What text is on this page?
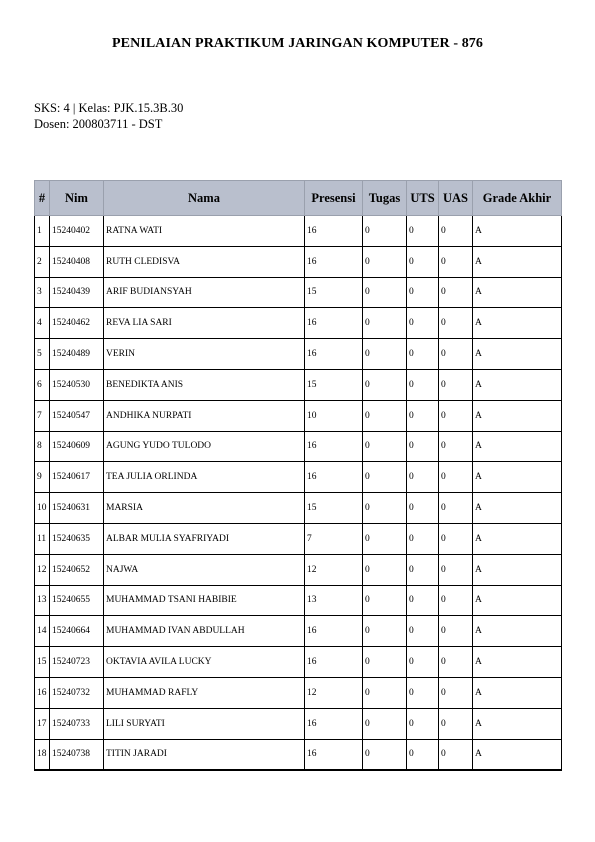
PENILAIAN PRAKTIKUM JARINGAN KOMPUTER - 876
SKS: 4 | Kelas: PJK.15.3B.30
Dosen: 200803711 - DST
#	Nim	Nama	Presensi	Tugas	UTS	UAS	Grade Akhir
1	15240402	RATNA WATI	16	0	0	0	A
2	15240408	RUTH CLEDISVA	16	0	0	0	A
3	15240439	ARIF BUDIANSYAH	15	0	0	0	A
4	15240462	REVA LIA SARI	16	0	0	0	A
5	15240489	VERIN	16	0	0	0	A
6	15240530	BENEDIKTA ANIS	15	0	0	0	A
7	15240547	ANDHIKA NURPATI	10	0	0	0	A
8	15240609	AGUNG YUDO TULODO	16	0	0	0	A
9	15240617	TEA JULIA ORLINDA	16	0	0	0	A
10	15240631	MARSIA	15	0	0	0	A
11	15240635	ALBAR MULIA SYAFRIYADI	7	0	0	0	A
12	15240652	NAJWA	12	0	0	0	A
13	15240655	MUHAMMAD TSANI HABIBIE	13	0	0	0	A
14	15240664	MUHAMMAD IVAN ABDULLAH	16	0	0	0	A
15	15240723	OKTAVIA AVILA LUCKY	16	0	0	0	A
16	15240732	MUHAMMAD RAFLY	12	0	0	0	A
17	15240733	LILI SURYATI	16	0	0	0	A
18	15240738	TITIN JARADI	16	0	0	0	A
